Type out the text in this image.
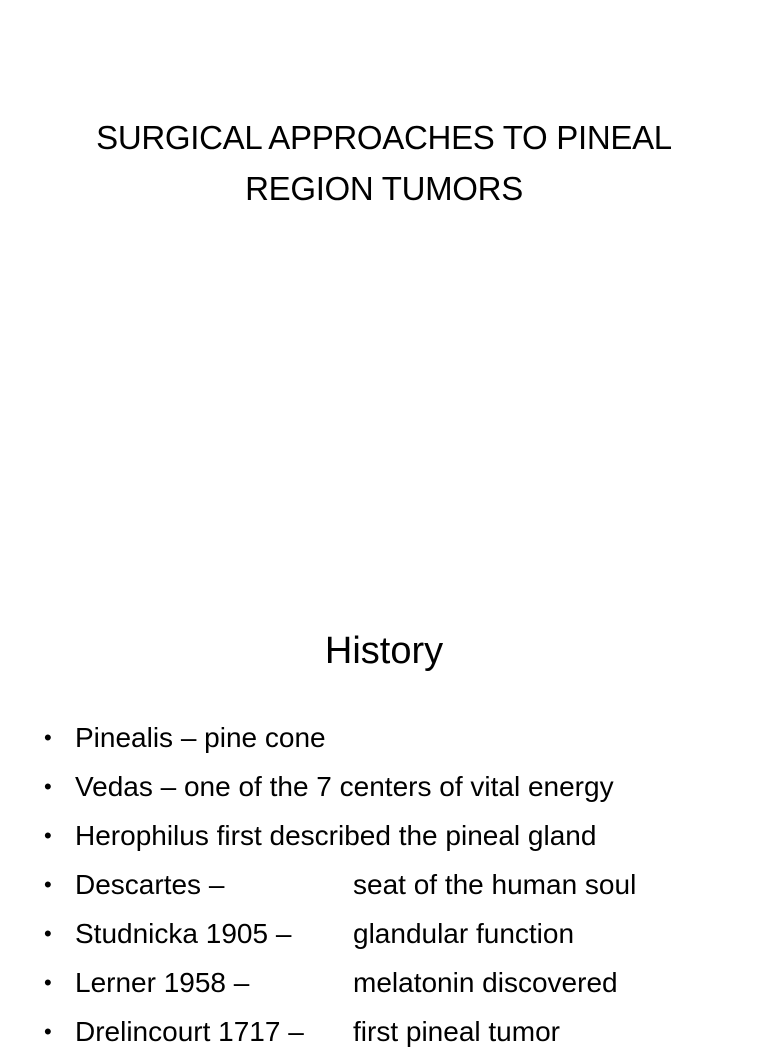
SURGICAL APPROACHES TO PINEAL
REGION TUMORS
History
• Pinealis – pine cone
• Vedas – one of the 7 centers of vital energy
• Herophilus first described the pineal gland
• Descartes –	seat of the human soul
• Studnicka 1905 – glandular function
• Lerner 1958 –	melatonin discovered
• Drelincourt 1717 – first pineal tumor
